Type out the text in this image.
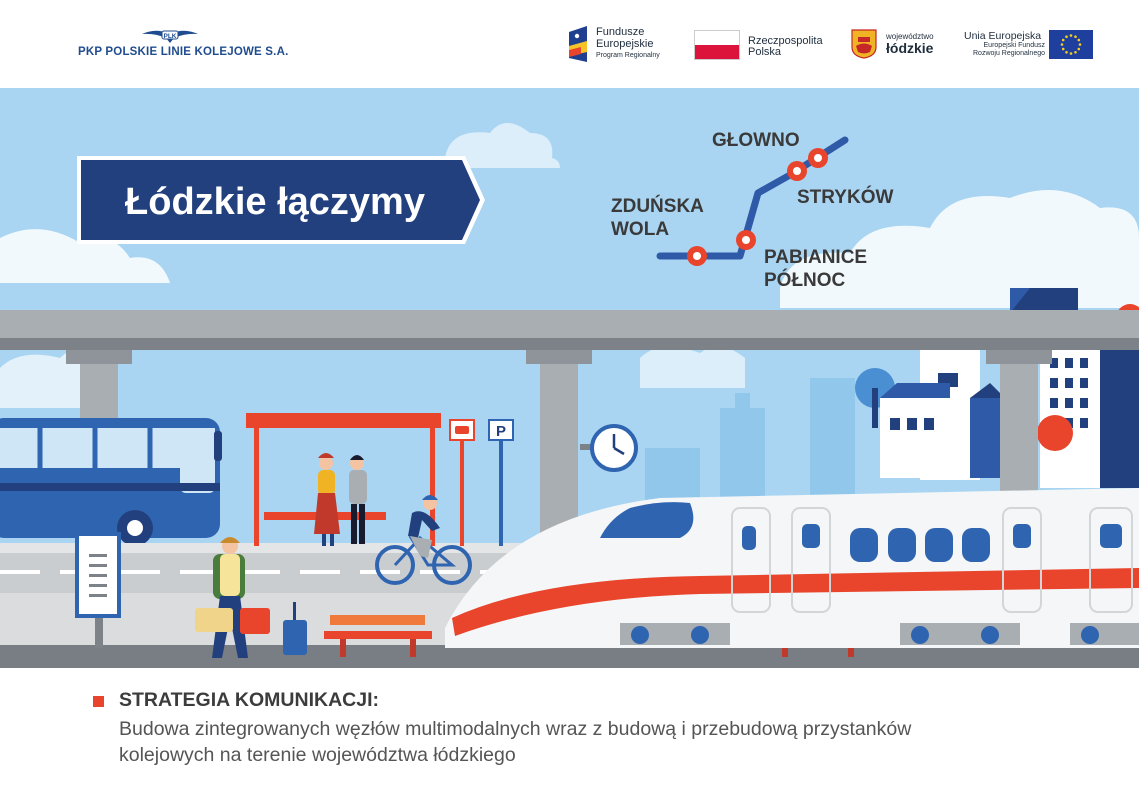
PLK
PKP POLSKIE LINIE KOLEJOWE S.A.
Fundusze
Europejskie
Program Regionalny
Rzeczpospolita
Polska
województwo
łódzkie
Unia Europejska
Europejski Fundusz
Rozwoju Regionalnego
Łódzkie łączymy
GŁOWNO
STRYKÓW
ZDUŃSKA
WOLA
PABIANICE
PÓŁNOC
P
STRATEGIA KOMUNIKACJI:
Budowa zintegrowanych węzłów multimodalnych wraz z budową i przebudową przystanków
kolejowych na terenie województwa łódzkiego
